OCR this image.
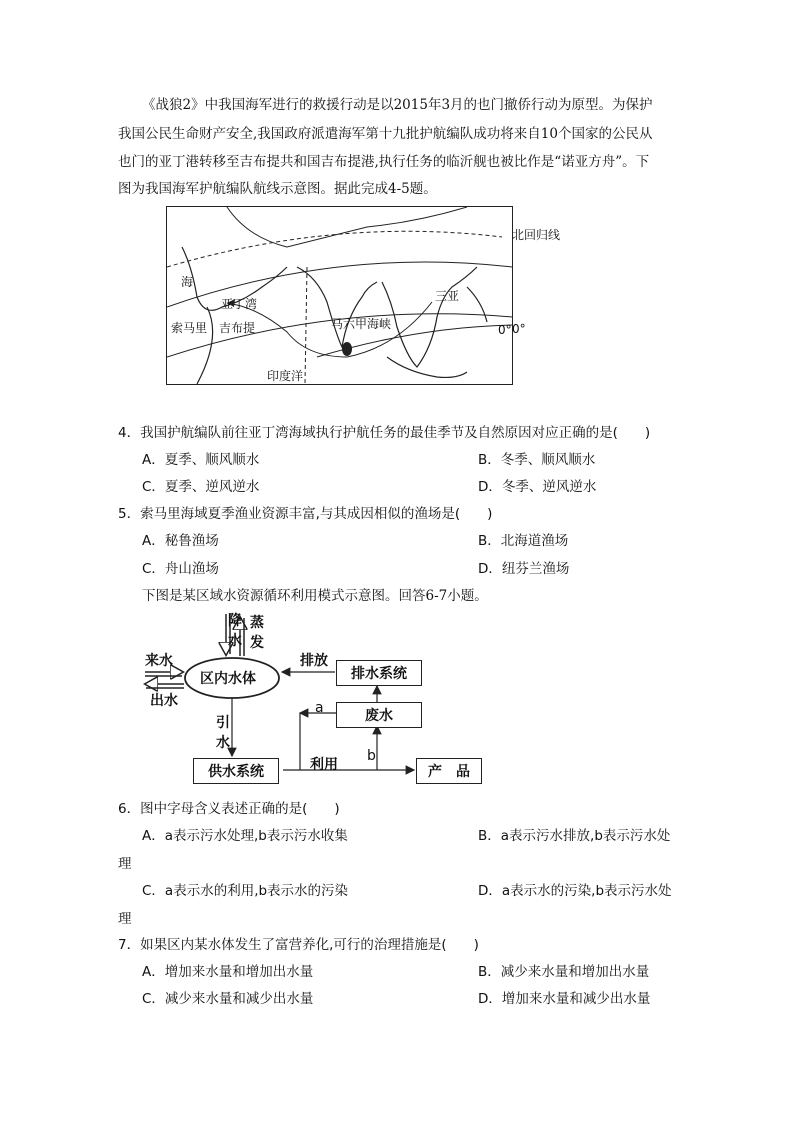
《战狼2》中我国海军进行的救援行动是以2015年3月的也门撤侨行动为原型。为保护
我国公民生命财产安全,我国政府派遣海军第十九批护航编队成功将来自10个国家的公民从
也门的亚丁港转移至吉布提共和国吉布提港,执行任务的临沂舰也被比作是“诺亚方舟”。下
图为我国海军护航编队航线示意图。据此完成4-5题。
海
亚丁湾
索马里 吉布提	马六甲海峡
三亚
0°
印度洋
北回归线
0°
4．我国护航编队前往亚丁湾海域执行护航任务的最佳季节及自然原因对应正确的是(　　)
A．夏季、顺风顺水	B．冬季、顺风顺水
C．夏季、逆风逆水	D．冬季、逆风逆水
5．索马里海域夏季渔业资源丰富,与其成因相似的渔场是(　　)
A．秘鲁渔场	B．北海道渔场
C．舟山渔场	D．纽芬兰渔场
下图是某区域水资源循环利用模式示意图。回答6-7小题。
降
水
蒸
发
来水
出水
区内水体
排放
排水系统
a	废水
引
水
b
利用
供水系统	产　品
6．图中字母含义表述正确的是(　　)
A．a表示污水处理,b表示污水收集	B．a表示污水排放,b表示污水处
理
C．a表示水的利用,b表示水的污染	D．a表示水的污染,b表示污水处
理
7．如果区内某水体发生了富营养化,可行的治理措施是(　　)
A．增加来水量和增加出水量	B．减少来水量和增加出水量
C．减少来水量和减少出水量	D．增加来水量和减少出水量
